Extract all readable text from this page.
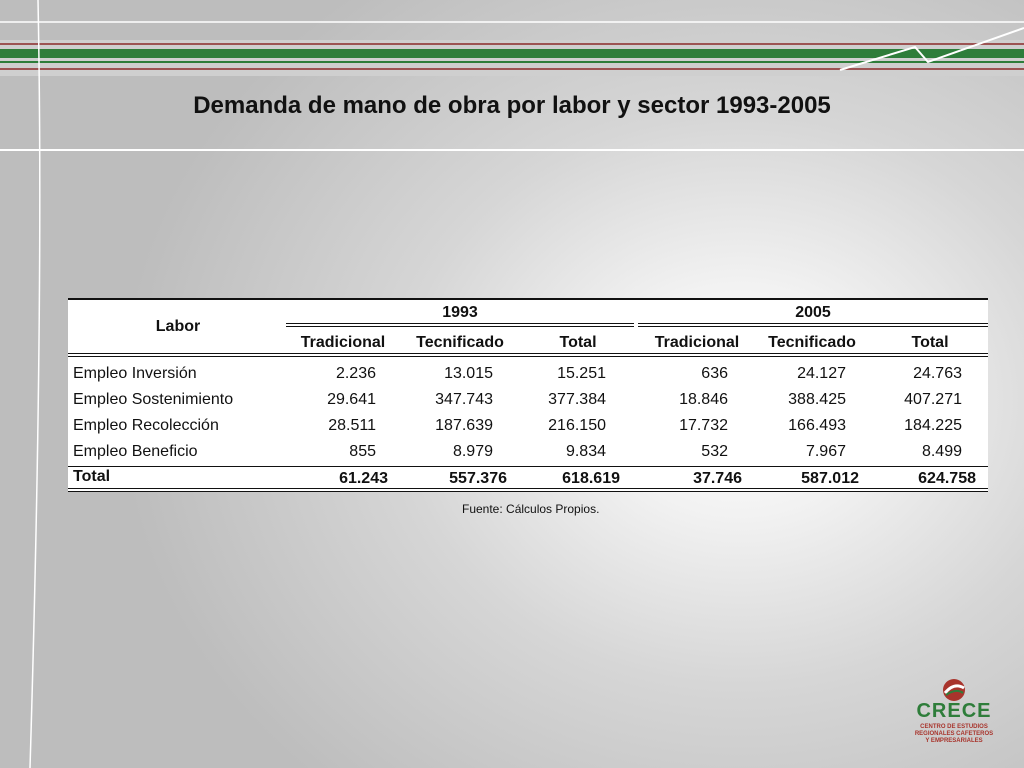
Demanda de mano de obra por labor y sector 1993-2005
Labor
1993	2005
Tradicional	Tecnificado	Total	Tradicional	Tecnificado	Total
Empleo Inversión	2.236	13.015	15.251	636	24.127	24.763
Empleo Sostenimiento	29.641	347.743	377.384	18.846	388.425	407.271
Empleo Recolección	28.511	187.639	216.150	17.732	166.493	184.225
Empleo Beneficio	855	8.979	9.834	532	7.967	8.499
Total	61.243	557.376	618.619	37.746	587.012	624.758
Fuente: Cálculos Propios.
CRECE
CENTRO DE ESTUDIOS
REGIONALES CAFETEROS
Y EMPRESARIALES
